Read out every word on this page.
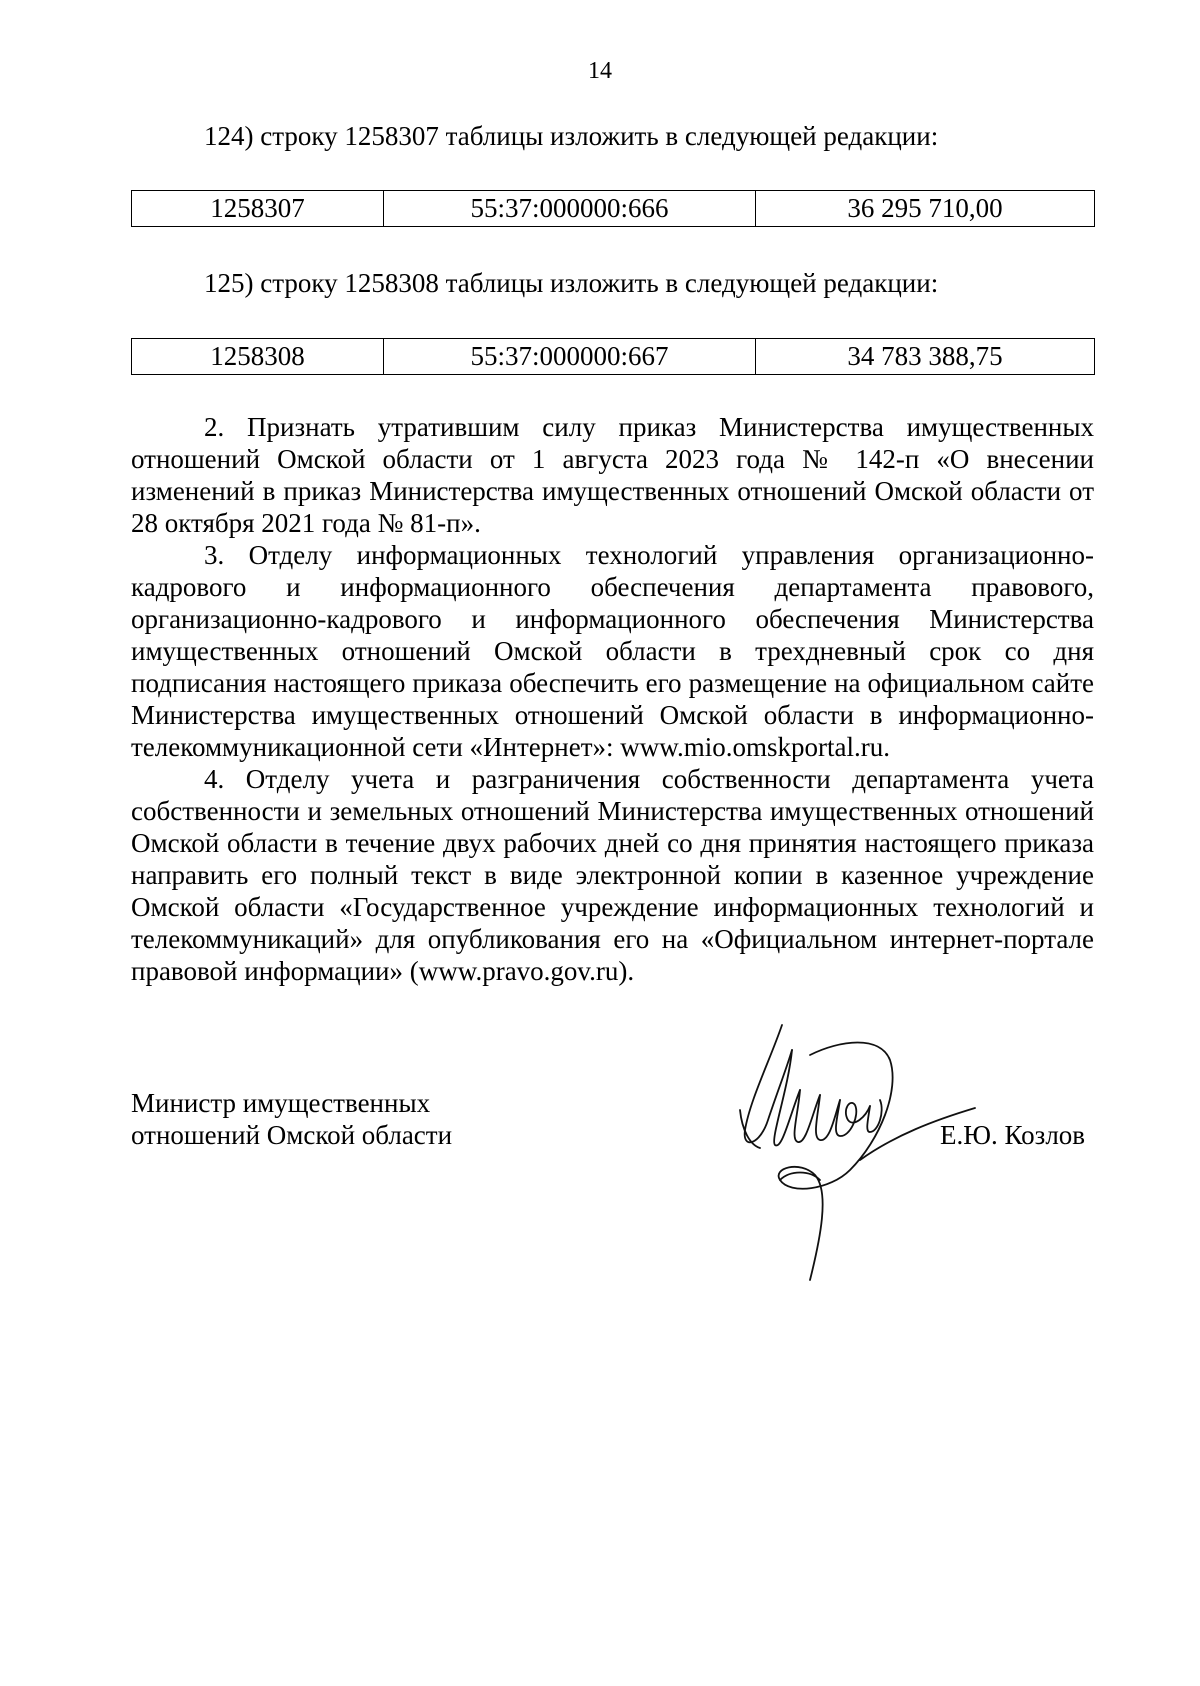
14
124) строку 1258307 таблицы изложить в следующей редакции:
1258307	55:37:000000:666	36 295 710,00
125) строку 1258308 таблицы изложить в следующей редакции:
1258308	55:37:000000:667	34 783 388,75

2. Признать утратившим силу приказ Министерства имущественных отношений Омской области от 1 августа 2023 года № 142-п «О внесении изменений в приказ Министерства имущественных отношений Омской области от 28 октября 2021 года № 81-п».

3. Отделу информационных технологий управления организационно-кадрового и информационного обеспечения департамента правового, организационно-кадрового и информационного обеспечения Министерства имущественных отношений Омской области в трехдневный срок со дня подписания настоящего приказа обеспечить его размещение на официальном сайте Министерства имущественных отношений Омской области в информационно-телекоммуникационной сети «Интернет»: www.mio.omskportal.ru.

4. Отделу учета и разграничения собственности департамента учета собственности и земельных отношений Министерства имущественных отношений Омской области в течение двух рабочих дней со дня принятия настоящего приказа направить его полный текст в виде электронной копии в казенное учреждение Омской области «Государственное учреждение информационных технологий и телекоммуникаций» для опубликования его на «Официальном интернет-портале правовой информации» (www.pravo.gov.ru).

Министр имущественных
отношений Омской области	Е.Ю. Козлов
